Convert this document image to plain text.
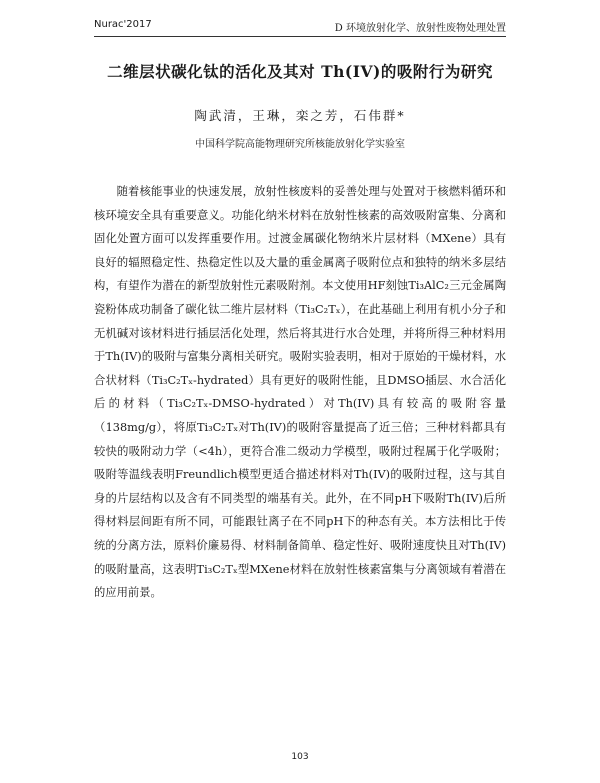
Nurac'2017	D 环境放射化学、放射性废物处理处置
二维层状碳化钛的活化及其对 Th(IV)的吸附行为研究
陶武清，王琳，栾之芳，石伟群*
中国科学院高能物理研究所核能放射化学实验室

随着核能事业的快速发展，放射性核废料的妥善处理与处置对于核燃料循环和核环境安全具有重要意义。功能化纳米材料在放射性核素的高效吸附富集、分离和固化处置方面可以发挥重要作用。过渡金属碳化物纳米片层材料（MXene）具有良好的辐照稳定性、热稳定性以及大量的重金属离子吸附位点和独特的纳米多层结构，有望作为潜在的新型放射性元素吸附剂。本文使用HF刻蚀Ti₃AlC₂三元金属陶瓷粉体成功制备了碳化钛二维片层材料（Ti₃C₂Tₓ），在此基础上利用有机小分子和无机碱对该材料进行插层活化处理，然后将其进行水合处理，并将所得三种材料用于Th(IV)的吸附与富集分离相关研究。吸附实验表明，相对于原始的干燥材料，水合状材料（Ti₃C₂Tₓ-hydrated）具有更好的吸附性能，且DMSO插层、水合活化后的材料（Ti₃C₂Tₓ-DMSO-hydrated）对Th(IV)具有较高的吸附容量（138mg/g），将原Ti₃C₂Tₓ对Th(IV)的吸附容量提高了近三倍；三种材料都具有较快的吸附动力学（<4h），更符合准二级动力学模型，吸附过程属于化学吸附；吸附等温线表明Freundlich模型更适合描述材料对Th(IV)的吸附过程，这与其自身的片层结构以及含有不同类型的端基有关。此外，在不同pH下吸附Th(IV)后所得材料层间距有所不同，可能跟钍离子在不同pH下的种态有关。本方法相比于传统的分离方法，原料价廉易得、材料制备简单、稳定性好、吸附速度快且对Th(IV)的吸附量高，这表明Ti₃C₂Tₓ型MXene材料在放射性核素富集与分离领域有着潜在的应用前景。

103
